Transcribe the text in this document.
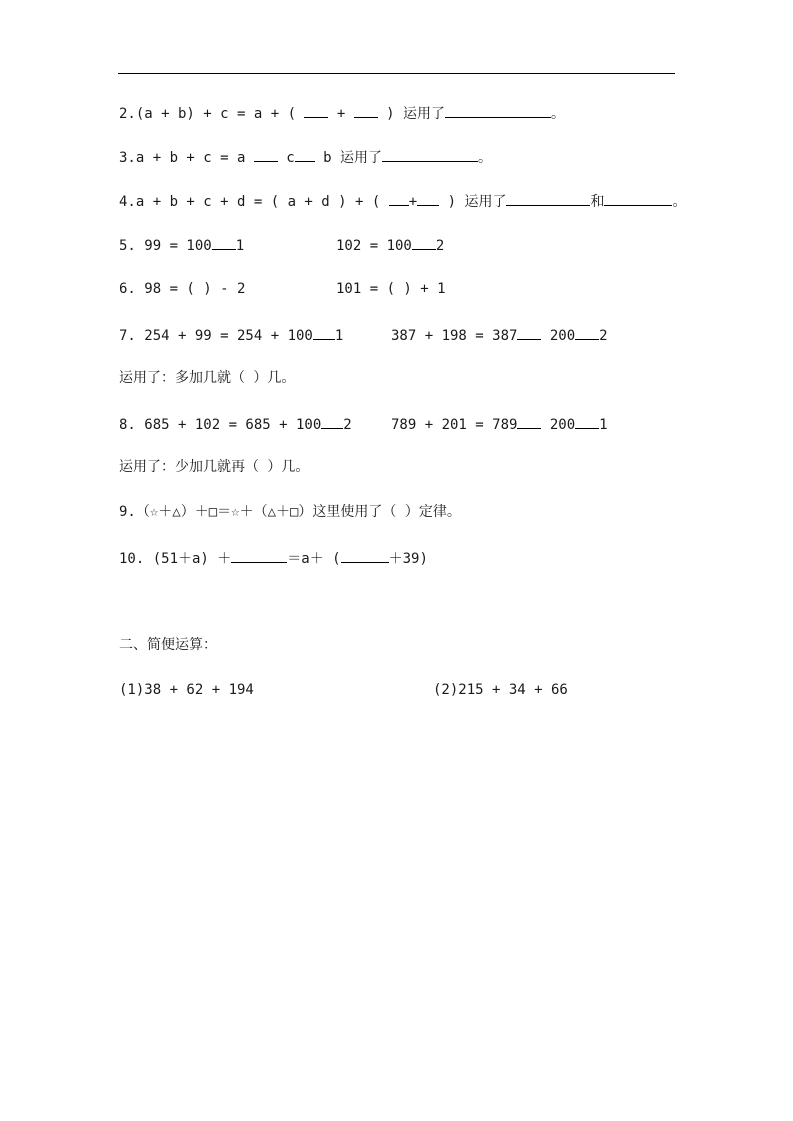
2.(a + b) + c = a + (  +  ) 运用了	。
3.a + b + c = a  c b 运用了	。
4.a + b + c + d = ( a + d ) + ( + ) 运用了	和	。
5. 99 = 100 1	102 = 100 2
6. 98 = ( ) - 2	101 = ( ) + 1
7. 254 + 99 = 254 + 100 1	387 + 198 = 387 200 2
运用了：多加几就（ ）几。
8. 685 + 102 = 685 + 100 2	789 + 201 = 789 200 1
运用了：少加几就再（ ）几。
9.（☆＋△）＋□＝☆＋（△＋□）这里使用了（ ）定律。
10. (51＋a) ＋	＝a＋ (	＋39)
二、简便运算：
(1)38 + 62 + 194	(2)215 + 34 + 66
